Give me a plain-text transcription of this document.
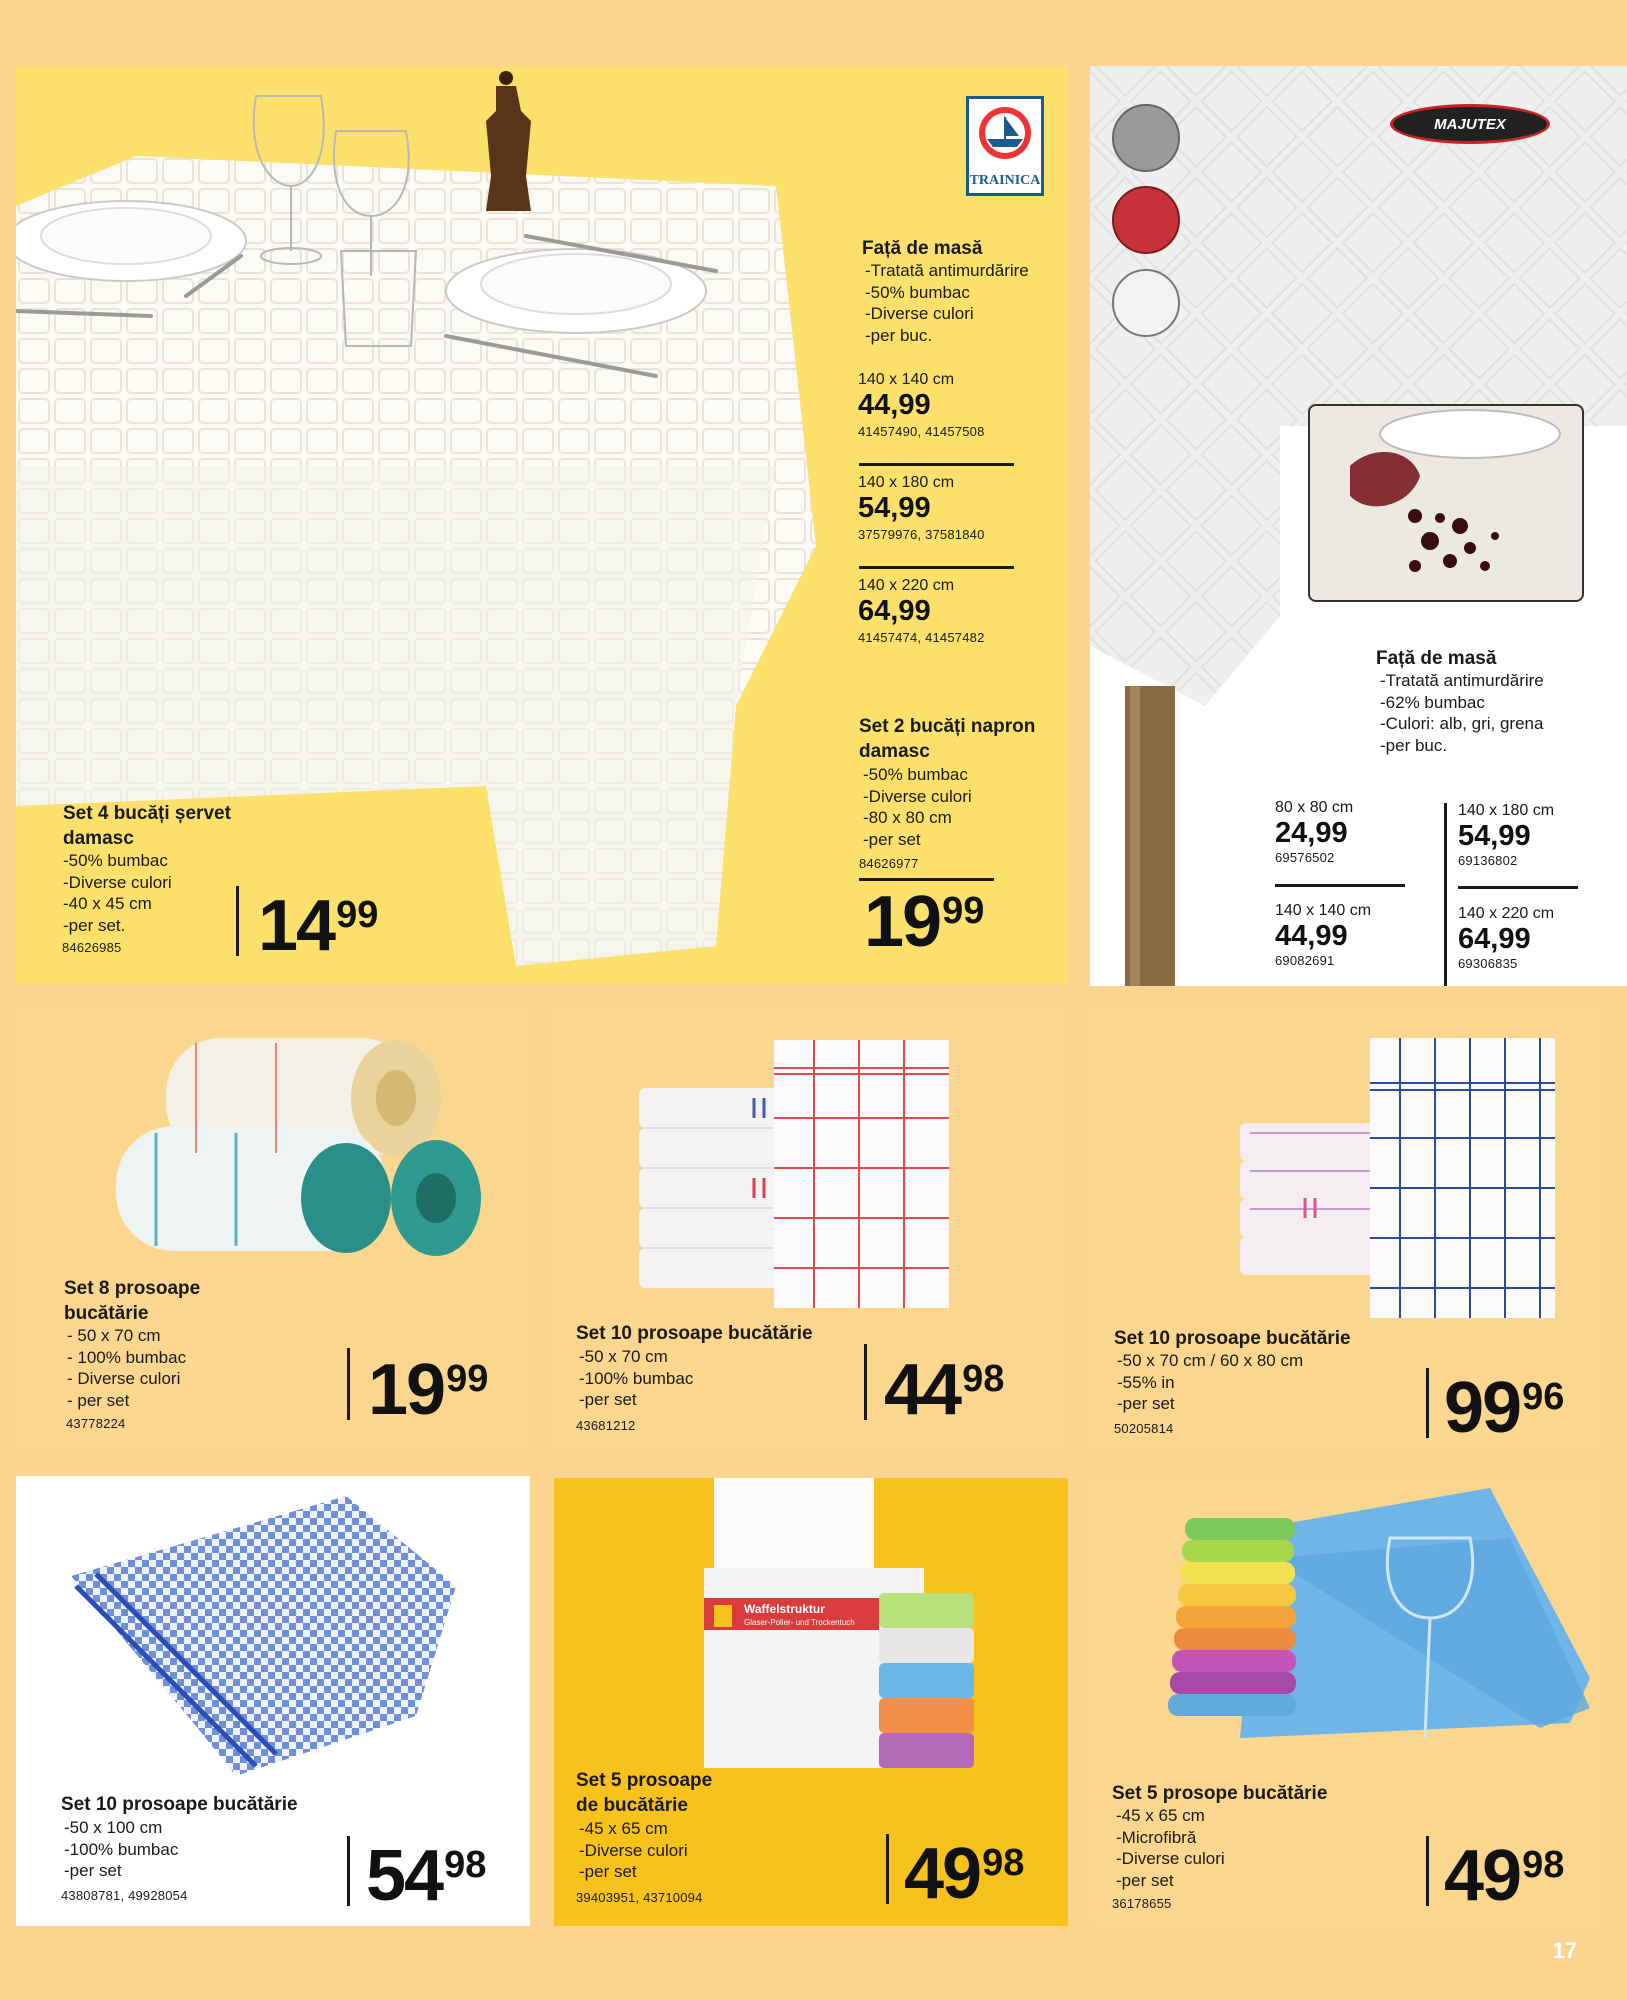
TRAINICA
Față de masă
-Tratată antimurdărire
-50% bumbac
-Diverse culori
-per buc.
140 x 140 cm
44,99
41457490, 41457508
140 x 180 cm
54,99
37579976, 37581840
140 x 220 cm
64,99
41457474, 41457482
Set 2 bucăți napron
damasc
-50% bumbac
-Diverse culori
-80 x 80 cm
-per set
84626977
1999
Set 4 bucăți șervet
damasc
-50% bumbac
-Diverse culori
-40 x 45 cm
-per set.
84626985 1499
MAJUTEX
Față de masă
-Tratată antimurdărire
-62% bumbac
-Culori: alb, gri, grena
-per buc.
80 x 80 cm
24,99
69576502
140 x 180 cm
54,99
69136802
140 x 140 cm
44,99
69082691
140 x 220 cm
64,99
69306835
Set 8 prosoape
bucătărie
- 50 x 70 cm
- 100% bumbac
- Diverse culori
- per set
43778224	1999
Set 10 prosoape bucătărie
-50 x 70 cm
-100% bumbac
-per set
43681212	4498
Set 10 prosoape bucătărie
-50 x 70 cm / 60 x 80 cm
-55% in
-per set
50205814	9996
Set 10 prosoape bucătărie
-50 x 100 cm
-100% bumbac
-per set
43808781, 49928054 5498
Waffelstruktur
Glaser-Polier- und Trockentuch
Set 5 prosoape
de bucătărie
-45 x 65 cm
-Diverse culori
-per set
39403951, 43710094	4998
Set 5 prosope bucătărie
-45 x 65 cm
-Microfibră
-Diverse culori
-per set
36178655	4998
17
